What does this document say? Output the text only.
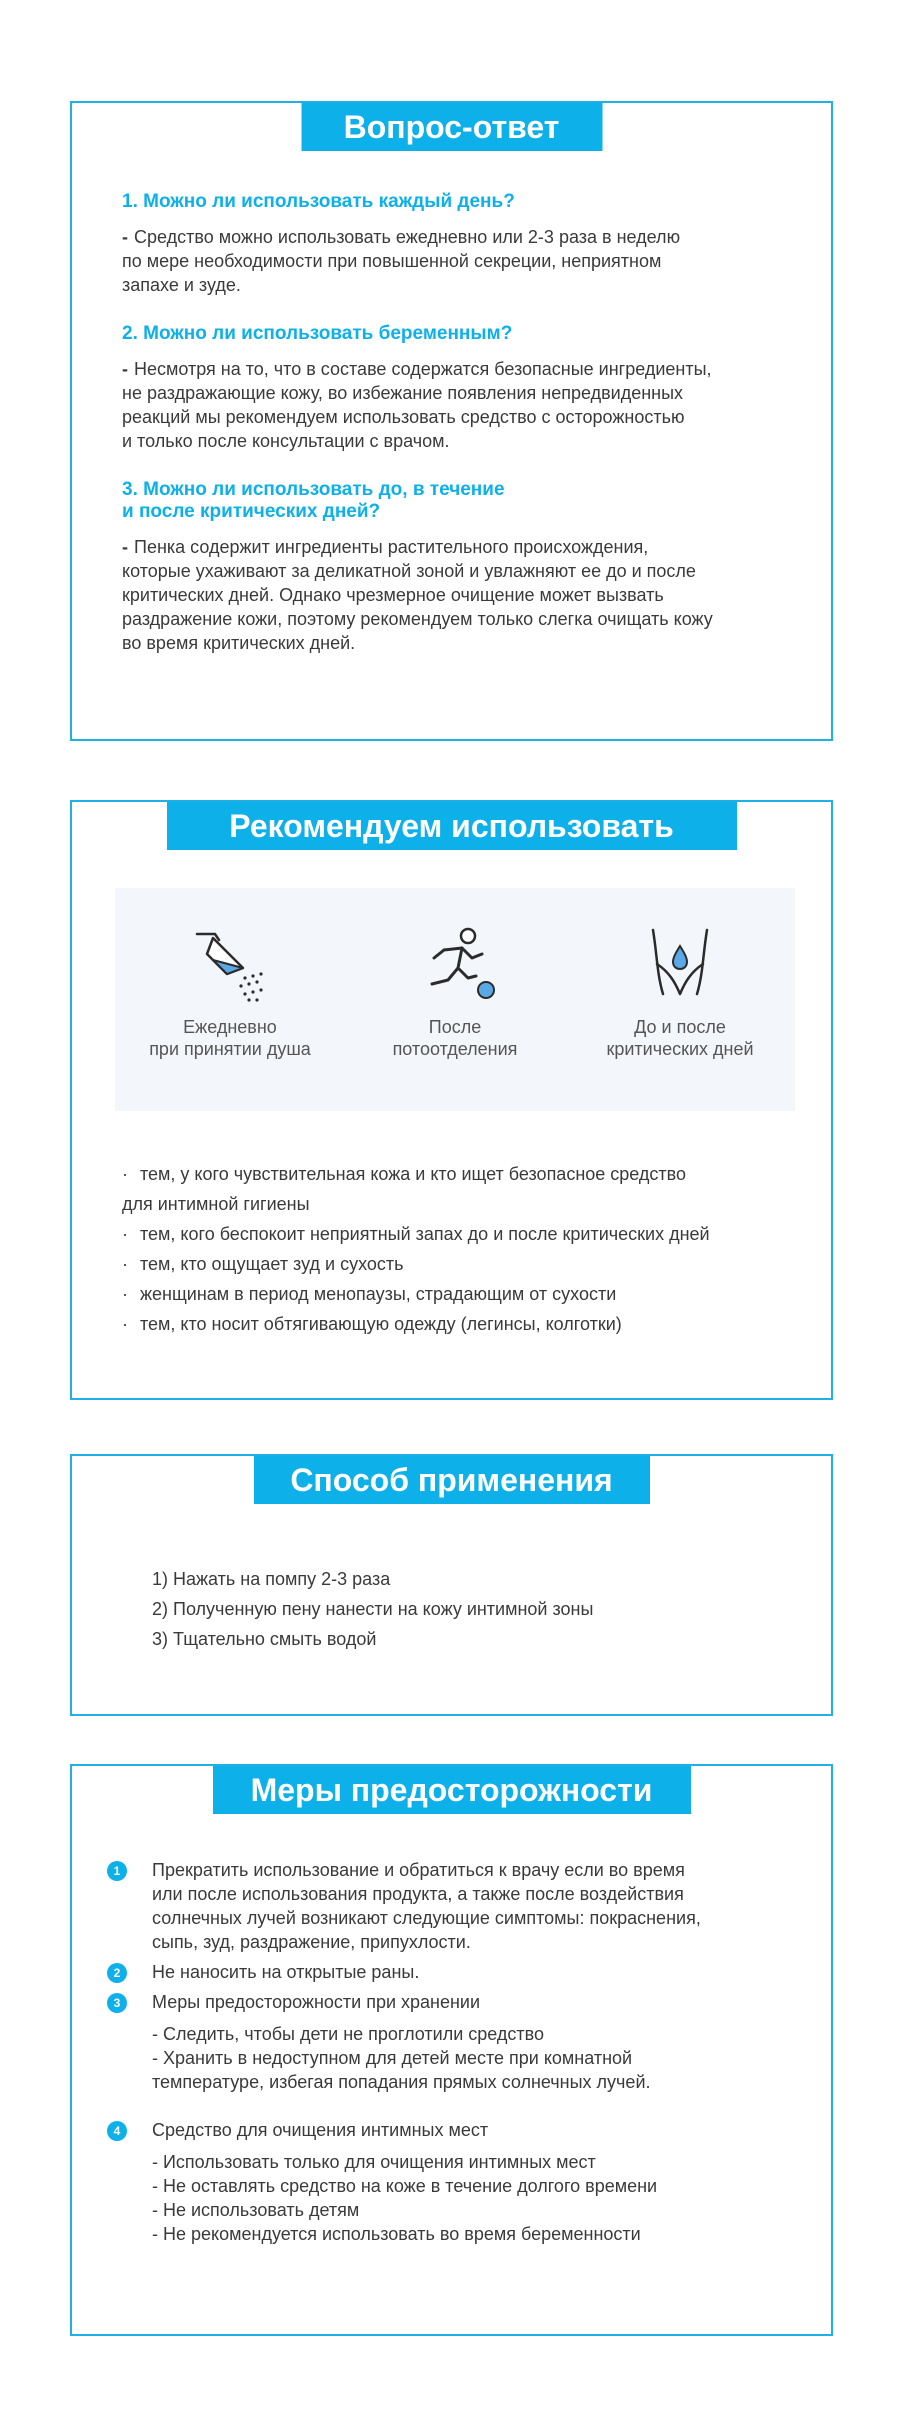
Вопрос-ответ
1. Можно ли использовать каждый день?
- Средство можно использовать ежедневно или 2-3 раза в неделю
по мере необходимости при повышенной секреции, неприятном
запахе и зуде.
2. Можно ли использовать беременным?
- Несмотря на то, что в составе содержатся безопасные ингредиенты,
не раздражающие кожу, во избежание появления непредвиденных
реакций мы рекомендуем использовать средство с осторожностью
и только после консультации с врачом.
3. Можно ли использовать до, в течение
и после критических дней?
- Пенка содержит ингредиенты растительного происхождения,
которые ухаживают за деликатной зоной и увлажняют ее до и после
критических дней. Однако чрезмерное очищение может вызвать
раздражение кожи, поэтому рекомендуем только слегка очищать кожу
во время критических дней.
Рекомендуем использовать
Ежедневно
при принятии душа
После
потоотделения
До и после
критических дней
· тем, у кого чувствительная кожа и кто ищет безопасное средство
для интимной гигиены
· тем, кого беспокоит неприятный запах до и после критических дней
· тем, кто ощущает зуд и сухость
· женщинам в период менопаузы, страдающим от сухости
· тем, кто носит обтягивающую одежду (легинсы, колготки)
Способ применения
1) Нажать на помпу 2-3 раза
2) Полученную пену нанести на кожу интимной зоны
3) Тщательно смыть водой
Меры предосторожности
1	Прекратить использование и обратиться к врачу если во время
или после использования продукта, а также после воздействия
солнечных лучей возникают следующие симптомы: покраснения,
сыпь, зуд, раздражение, припухлости.
2	Не наносить на открытые раны.
3	Меры предосторожности при хранении
- Следить, чтобы дети не проглотили средство
- Хранить в недоступном для детей месте при комнатной
температуре, избегая попадания прямых солнечных лучей.
4	Средство для очищения интимных мест
- Использовать только для очищения интимных мест
- Не оставлять средство на коже в течение долгого времени
- Не использовать детям
- Не рекомендуется использовать во время беременности
